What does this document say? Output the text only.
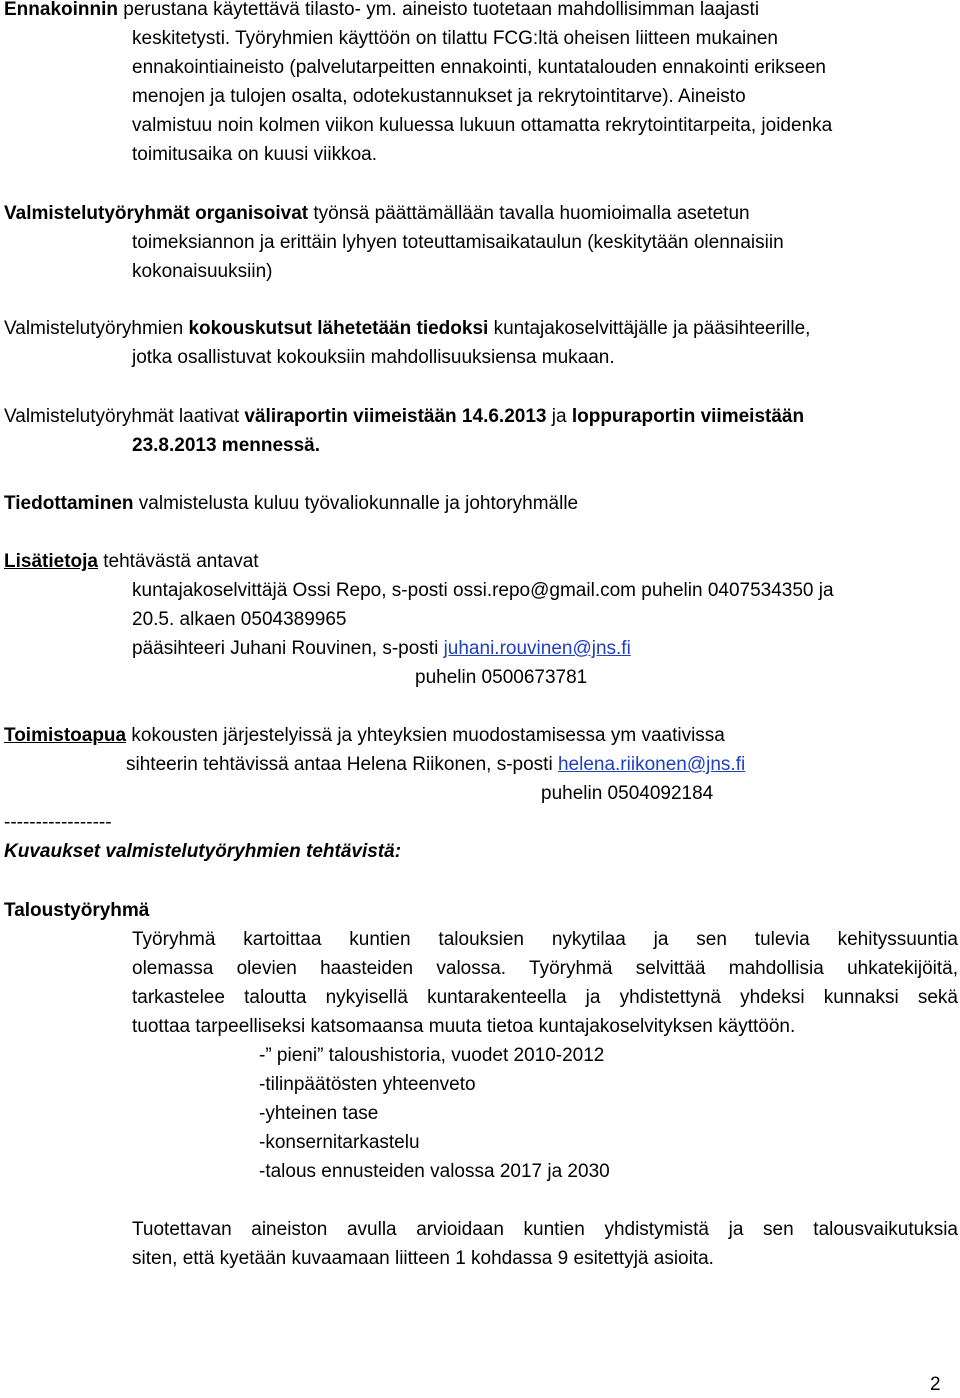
Ennakoinnin perustana käytettävä tilasto- ym. aineisto tuotetaan mahdollisimman laajasti
keskitetysti. Työryhmien käyttöön on tilattu FCG:ltä oheisen liitteen mukainen
ennakointiaineisto (palvelutarpeitten ennakointi, kuntatalouden ennakointi erikseen
menojen ja tulojen osalta, odotekustannukset ja rekrytointitarve). Aineisto
valmistuu noin kolmen viikon kuluessa lukuun ottamatta rekrytointitarpeita, joidenka
toimitusaika on kuusi viikkoa.
Valmistelutyöryhmät organisoivat työnsä päättämällään tavalla huomioimalla asetetun
toimeksiannon ja erittäin lyhyen toteuttamisaikataulun (keskitytään olennaisiin
kokonaisuuksiin)
Valmistelutyöryhmien kokouskutsut lähetetään tiedoksi kuntajakoselvittäjälle ja pääsihteerille,
jotka osallistuvat kokouksiin mahdollisuuksiensa mukaan.
Valmistelutyöryhmät laativat väliraportin viimeistään 14.6.2013 ja loppuraportin viimeistään
23.8.2013 mennessä.
Tiedottaminen valmistelusta kuluu työvaliokunnalle ja johtoryhmälle
Lisätietoja tehtävästä antavat
kuntajakoselvittäjä Ossi Repo, s-posti ossi.repo@gmail.com puhelin 0407534350 ja
20.5. alkaen 0504389965
pääsihteeri Juhani Rouvinen, s-posti juhani.rouvinen@jns.fi
puhelin 0500673781
Toimistoapua kokousten järjestelyissä ja yhteyksien muodostamisessa ym vaativissa
sihteerin tehtävissä antaa Helena Riikonen, s-posti helena.riikonen@jns.fi
puhelin 0504092184
-----------------
Kuvaukset valmistelutyöryhmien tehtävistä:
Taloustyöryhmä
Työryhmä kartoittaa kuntien talouksien nykytilaa ja sen tulevia kehityssuuntia
olemassa olevien haasteiden valossa. Työryhmä selvittää mahdollisia uhkatekijöitä,
tarkastelee taloutta nykyisellä kuntarakenteella ja yhdistettynä yhdeksi kunnaksi sekä
tuottaa tarpeelliseksi katsomaansa muuta tietoa kuntajakoselvityksen käyttöön.
-” pieni” taloushistoria, vuodet 2010-2012
-tilinpäätösten yhteenveto
-yhteinen tase
-konsernitarkastelu
-talous ennusteiden valossa 2017 ja 2030
Tuotettavan aineiston avulla arvioidaan kuntien yhdistymistä ja sen talousvaikutuksia
siten, että kyetään kuvaamaan liitteen 1 kohdassa 9 esitettyjä asioita.
2
